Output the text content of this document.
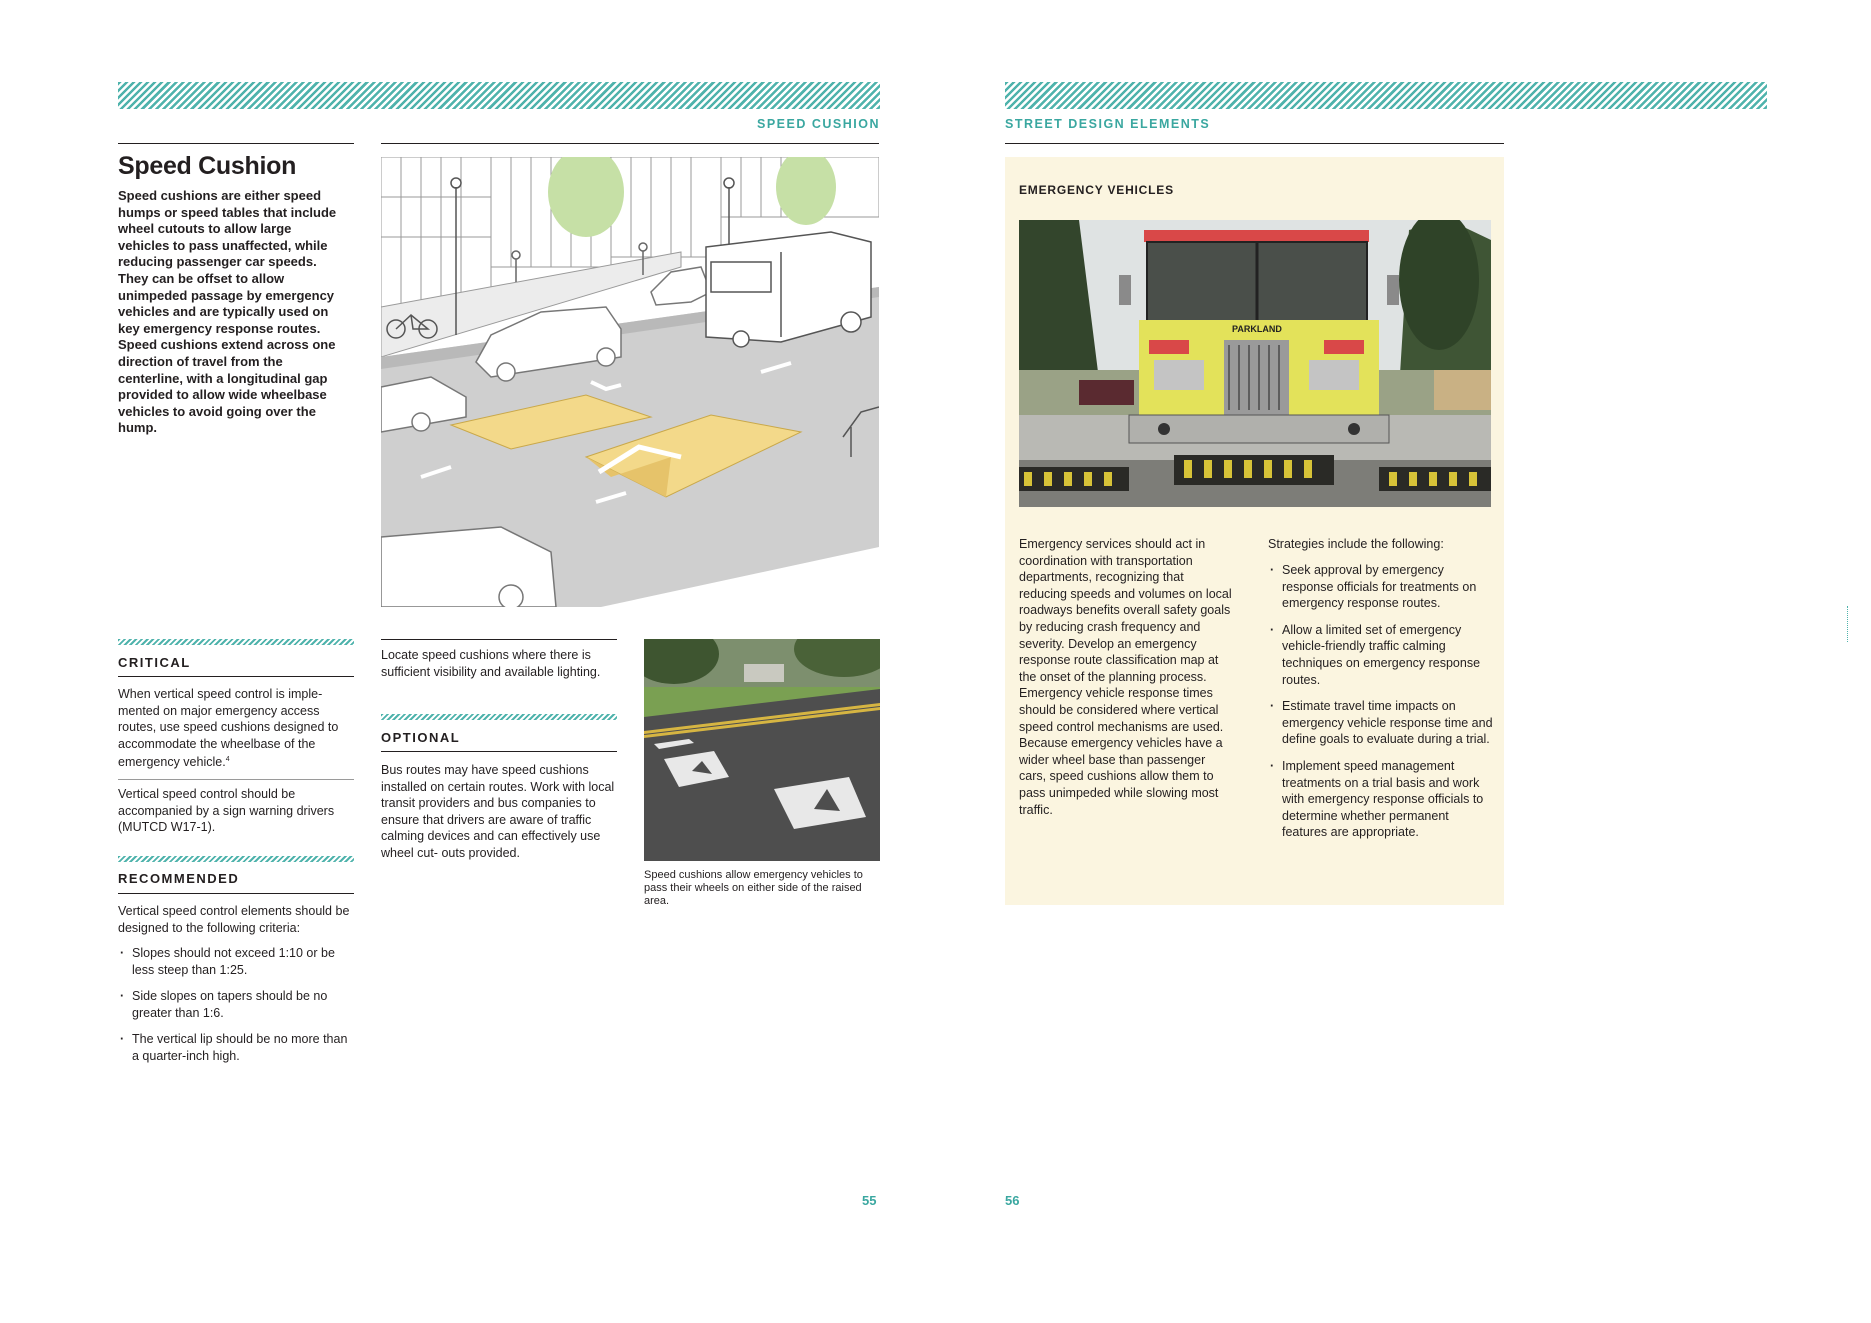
SPEED CUSHION
Speed Cushion
Speed cushions are either speed humps or speed tables that include wheel cutouts to allow large vehicles to pass unaffected, while reducing passenger car speeds. They can be offset to allow unimpeded passage by emergency vehicles and are typically used on key emergency response routes. Speed cushions extend across one direction of travel from the centerline, with a longitudinal gap provided to allow wide wheelbase vehicles to avoid going over the hump.
CRITICAL
When vertical speed control is imple- mented on major emergency access routes, use speed cushions designed to accommodate the wheelbase of the emergency vehicle.$^4$
Vertical speed control should be accompanied by a sign warning drivers (MUTCD W17-1).
RECOMMENDED
Vertical speed control elements should be designed to the following criteria:
· Slopes should not exceed 1:10 or be less steep than 1:25.
· Side slopes on tapers should be no greater than 1:6.
· The vertical lip should be no more than a quarter-inch high.
Locate speed cushions where there is sufficient visibility and available lighting.
OPTIONAL
Bus routes may have speed cushions installed on certain routes. Work with local transit providers and bus companies to ensure that drivers are aware of traffic calming devices and can effectively use wheel cut- outs provided.
Speed cushions allow emergency vehicles to pass their wheels on either side of the raised area.
55
STREET DESIGN ELEMENTS
EMERGENCY VEHICLES
PARKLAND
Emergency services should act in coordination with transportation departments, recognizing that reducing speeds and volumes on local roadways benefits overall safety goals by reducing crash frequency and severity. Develop an emergency response route classification map at the onset of the planning process. Emergency vehicle response times should be considered where vertical speed control mechanisms are used. Because emergency vehicles have a wider wheel base than passenger cars, speed cushions allow them to pass unimpeded while slowing most traffic.
Strategies include the following:
· Seek approval by emergency response officials for treatments on emergency response routes.
· Allow a limited set of emergency vehicle-friendly traffic calming techniques on emergency response routes.
· Estimate travel time impacts on emergency vehicle response time and define goals to evaluate during a trial.
· Implement speed management treatments on a trial basis and work with emergency response officials to determine whether permanent features are appropriate.
56
